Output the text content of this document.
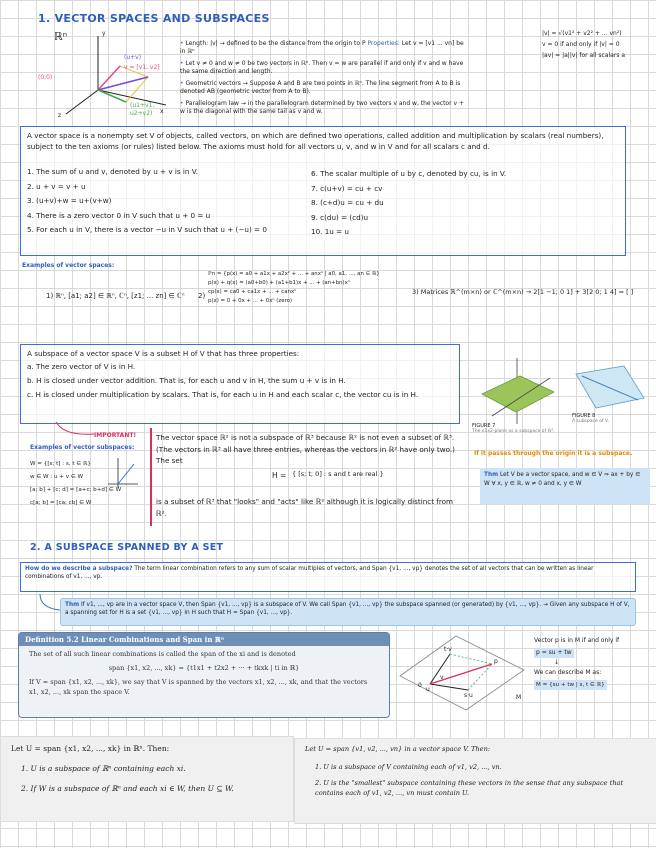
1. VECTOR SPACES AND SUBSPACES
ℝⁿ	y
x
z
(0,0)
(u+v)
v = [v1, v2]
(u1+v1, u2+v2)
• Length: |v| → defined to be the distance from the origin to P Properties: Let v = [v1 ... vn] be in ℝⁿ
• Let v ≠ 0 and w ≠ 0 be two vectors in ℝⁿ. Then v = w are parallel if and only if v and w have the same direction and length.
• Geometric vectors → Suppose A and B are two points in ℝⁿ. The line segment from A to B is denoted AB (geometric vector from A to B).
• Parallelogram law → in the parallelogram determined by two vectors v and w, the vector v + w is the diagonal with the same tail as v and w.
|v| = √(v1² + v2² + ... vn²)
v = 0 if and only if |v| = 0
|av| = |a||v| for all scalars a
A vector space is a nonempty set V of objects, called vectors, on which are defined two operations, called addition and multiplication by scalars (real numbers), subject to the ten axioms (or rules) listed below. The axioms must hold for all vectors u, v, and w in V and for all scalars c and d.
1. The sum of u and v, denoted by u + v is in V.
2. u + v = v + u
3. (u+v)+w = u+(v+w)
4. There is a zero vector 0 in V such that u + 0 = u
5. For each u in V, there is a vector −u in V such that u + (−u) = 0
6. The scalar multiple of u by c, denoted by cu, is in V.
7. c(u+v) = cu + cv
8. (c+d)u = cu + du
9. c(du) = (cd)u
10. 1u = u
Examples of vector spaces:
1) ℝⁿ, [a1; a2] ∈ ℝⁿ, ℂⁿ, [z1; ... zn] ∈ ℂⁿ	2)
ℙn = {p(x) = a0 + a1x + a2x² + ... + anxⁿ | a0, a1, ..., an ∈ ℝ}
p(x) + q(x) = (a0+b0) + (a1+b1)x + ... + (an+bn)xⁿ
cp(x) = ca0 + ca1x + ... + canxⁿ
p(x) = 0 + 0x + ... + 0xⁿ (zero)
3) Matrices ℝ^(m×n) or ℂ^(m×n) → 2[1 −1; 0 1] + 3[2 0; 1 4] = [ ]
A subspace of a vector space V is a subset H of V that has three properties:
a. The zero vector of V is in H.
b. H is closed under vector addition. That is, for each u and v in H, the sum u + v is in H.
c. H is closed under multiplication by scalars. That is, for each u in H and each scalar c, the vector cu is in H.
FIGURE 7
The x1x2-plane as a subspace of ℝ³.
FIGURE 8
A subspace of V.
IMPORTANT!	The vector space ℝ² is not a subspace of ℝ³ because ℝ² is not even a subset of ℝ³. (The vectors in ℝ³ all have three entries, whereas the vectors in ℝ² have only two.) The set
H = { [s; t; 0] : s and t are real }
is a subset of ℝ³ that "looks" and "acts" like ℝ² although it is logically distinct from ℝ².
If it passes through the origin it is a subspace.
Examples of vector subspaces:
W = {[s; t] : s, t ∈ ℝ}
w ∈ W : u + v ∈ W
[a; b] + [c; d] = [a+c; b+d] ∈ W
c[a; b] = [ca; cb] ∈ W
Thm Let V be a vector space, and w ∈ V ⇒ ax + by ∈ W ∀ x, y ∈ ℝ, w ≠ 0 and x, y ∈ W
2. A SUBSPACE SPANNED BY A SET
How do we describe a subspace? The term linear combination refers to any sum of scalar multiples of vectors, and Span {v1, ..., vp} denotes the set of all vectors that can be written as linear combinations of v1, ..., vp.
Thm If v1, ..., vp are in a vector space V, then Span {v1, ..., vp} is a subspace of V. We call Span {v1, ..., vp} the subspace spanned (or generated) by {v1, ..., vp}. → Given any subspace H of V, a spanning set for H is a set {v1, ..., vp} in H such that H = Span {v1, ..., vp}.
Definition 5.2 Linear Combinations and Span in ℝⁿ
The set of all such linear combinations is called the span of the xi and is denoted
span {x1, x2, ..., xk} = {t1x1 + t2x2 + ··· + tkxk | ti in ℝ}
If V = span {x1, x2, ..., xk}, we say that V is spanned by the vectors x1, x2, ..., xk, and that the vectors x1, x2, ..., xk span the space V.
t·v
p
u
v
0
M
s·u
Vector p is in M if and only if
p = su + tw
↓
We can describe M as:
M = {su + tw | s, t ∈ ℝ}
Let U = span {x1, x2, ..., xk} in ℝⁿ. Then:
1. U is a subspace of ℝⁿ containing each xi.
2. If W is a subspace of ℝⁿ and each xi ∈ W, then U ⊆ W.
Let U = span {v1, v2, ..., vn} in a vector space V. Then:
1. U is a subspace of V containing each of v1, v2, ..., vn.
2. U is the "smallest" subspace containing these vectors in the sense that any subspace that contains each of v1, v2, ..., vn must contain U.
